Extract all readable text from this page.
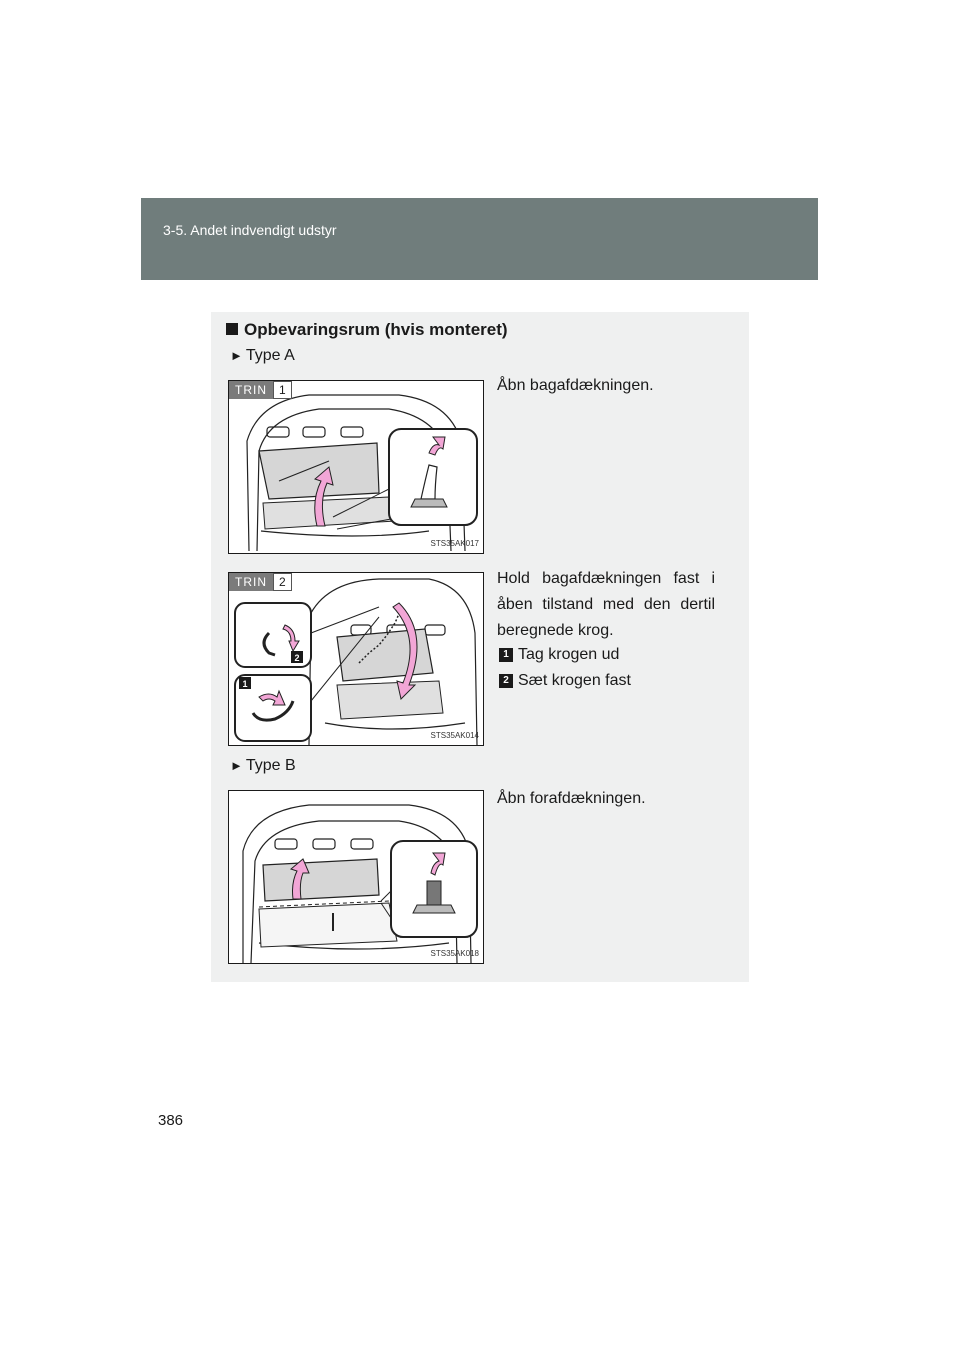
3-5. Andet indvendigt udstyr
Opbevaringsrum (hvis monteret)
► Type A
TRIN	1
STS35AK017
Åbn bagafdækningen.
2
1
TRIN	2
STS35AK014
Hold bagafdækningen fast i åben tilstand med den dertil beregnede krog.
1 Tag krogen ud
2 Sæt krogen fast
► Type B
STS35AK018
Åbn forafdækningen.
386
